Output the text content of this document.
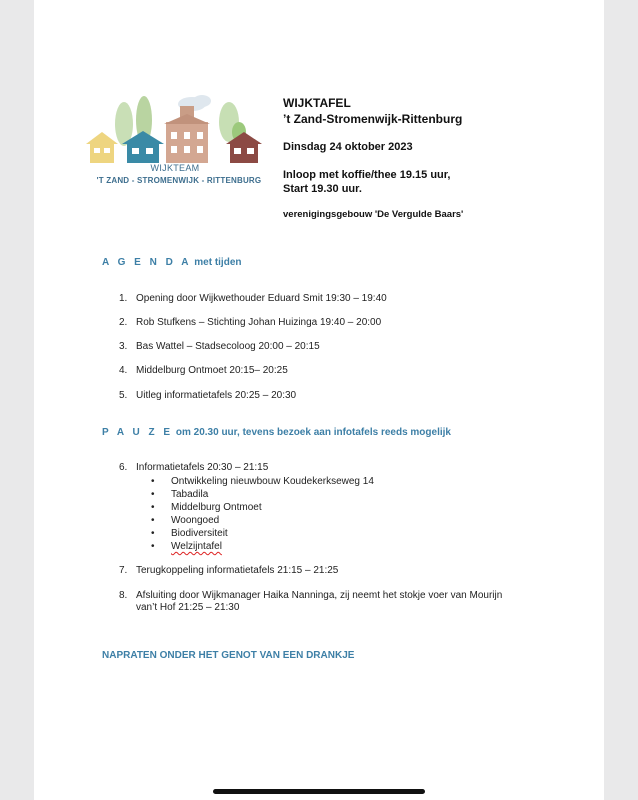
WIJKTEAM
'T ZAND - STROMENWIJK - RITTENBURG
WIJKTAFEL
’t Zand-Stromenwijk-Rittenburg
Dinsdag 24 oktober 2023
Inloop met koffie/thee 19.15 uur,
Start 19.30 uur.
verenigingsgebouw 'De Vergulde Baars'
A G E N D A met tijden
1. Opening door Wijkwethouder Eduard Smit 19:30 – 19:40
2. Rob Stufkens – Stichting Johan Huizinga 19:40 – 20:00
3. Bas Wattel – Stadsecoloog 20:00 – 20:15
4. Middelburg Ontmoet 20:15– 20:25
5. Uitleg informatietafels 20:25 – 20:30
P A U Z E om 20.30 uur, tevens bezoek aan infotafels reeds mogelijk
6. Informatietafels 20:30 – 21:15
• Ontwikkeling nieuwbouw Koudekerkseweg 14
• Tabadila
• Middelburg Ontmoet
• Woongoed
• Biodiversiteit
• Welzijntafel
7. Terugkoppeling informatietafels 21:15 – 21:25
8. Afsluiting door Wijkmanager Haika Nanninga, zij neemt het stokje voer van Mourijn
van’t Hof 21:25 – 21:30
NAPRATEN ONDER HET GENOT VAN EEN DRANKJE
